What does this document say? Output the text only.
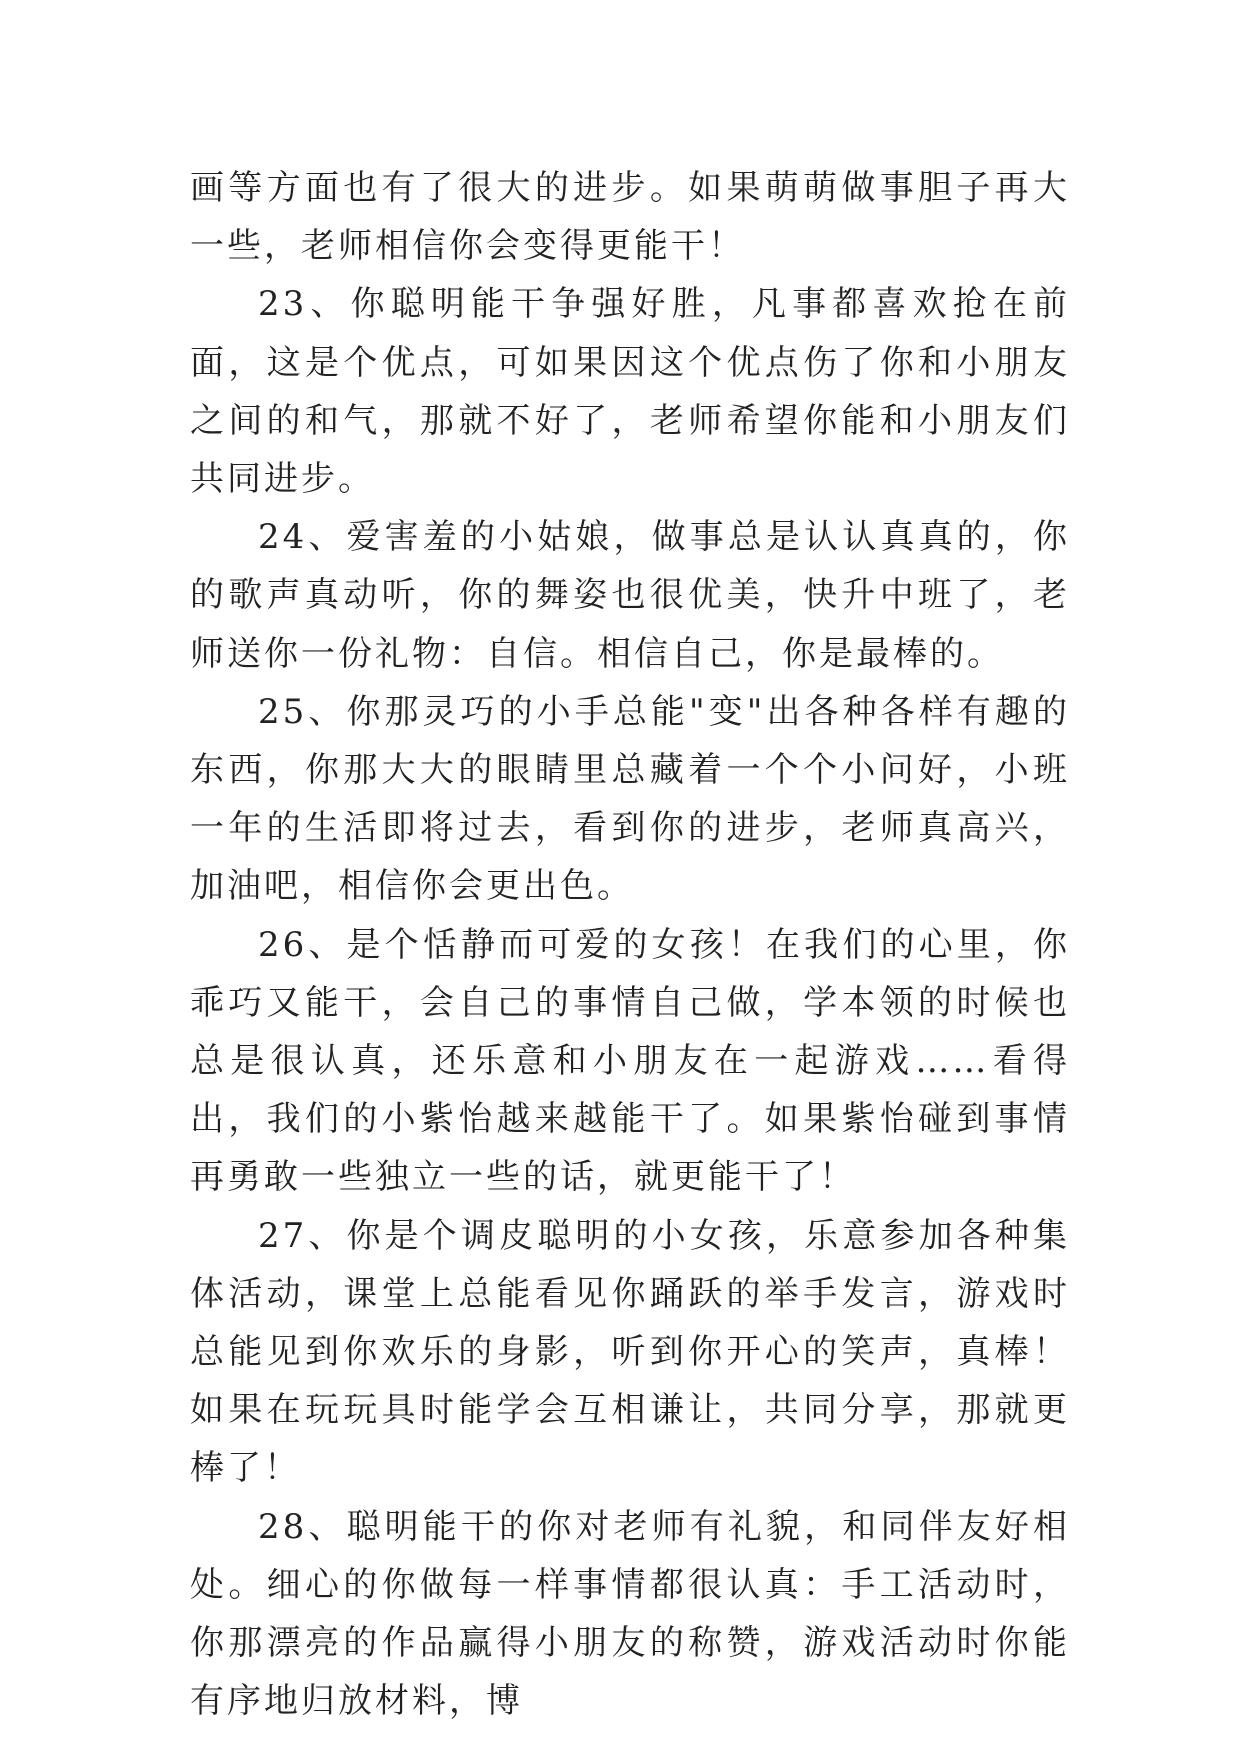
画等方面也有了很大的进步。如果萌萌做事胆子再大一些，老师相信你会变得更能干！

23、你聪明能干争强好胜，凡事都喜欢抢在前面，这是个优点，可如果因这个优点伤了你和小朋友之间的和气，那就不好了，老师希望你能和小朋友们共同进步。

24、爱害羞的小姑娘，做事总是认认真真的，你的歌声真动听，你的舞姿也很优美，快升中班了，老师送你一份礼物：自信。相信自己，你是最棒的。

25、你那灵巧的小手总能"变"出各种各样有趣的东西，你那大大的眼睛里总藏着一个个小问好，小班一年的生活即将过去，看到你的进步，老师真高兴，加油吧，相信你会更出色。

26、是个恬静而可爱的女孩！在我们的心里，你乖巧又能干，会自己的事情自己做，学本领的时候也总是很认真，还乐意和小朋友在一起游戏……看得出，我们的小紫怡越来越能干了。如果紫怡碰到事情再勇敢一些独立一些的话，就更能干了！

27、你是个调皮聪明的小女孩，乐意参加各种集体活动，课堂上总能看见你踊跃的举手发言，游戏时总能见到你欢乐的身影，听到你开心的笑声，真棒！如果在玩玩具时能学会互相谦让，共同分享，那就更棒了！

28、聪明能干的你对老师有礼貌，和同伴友好相处。细心的你做每一样事情都很认真：手工活动时，你那漂亮的作品赢得小朋友的称赞，游戏活动时你能有序地归放材料，博
